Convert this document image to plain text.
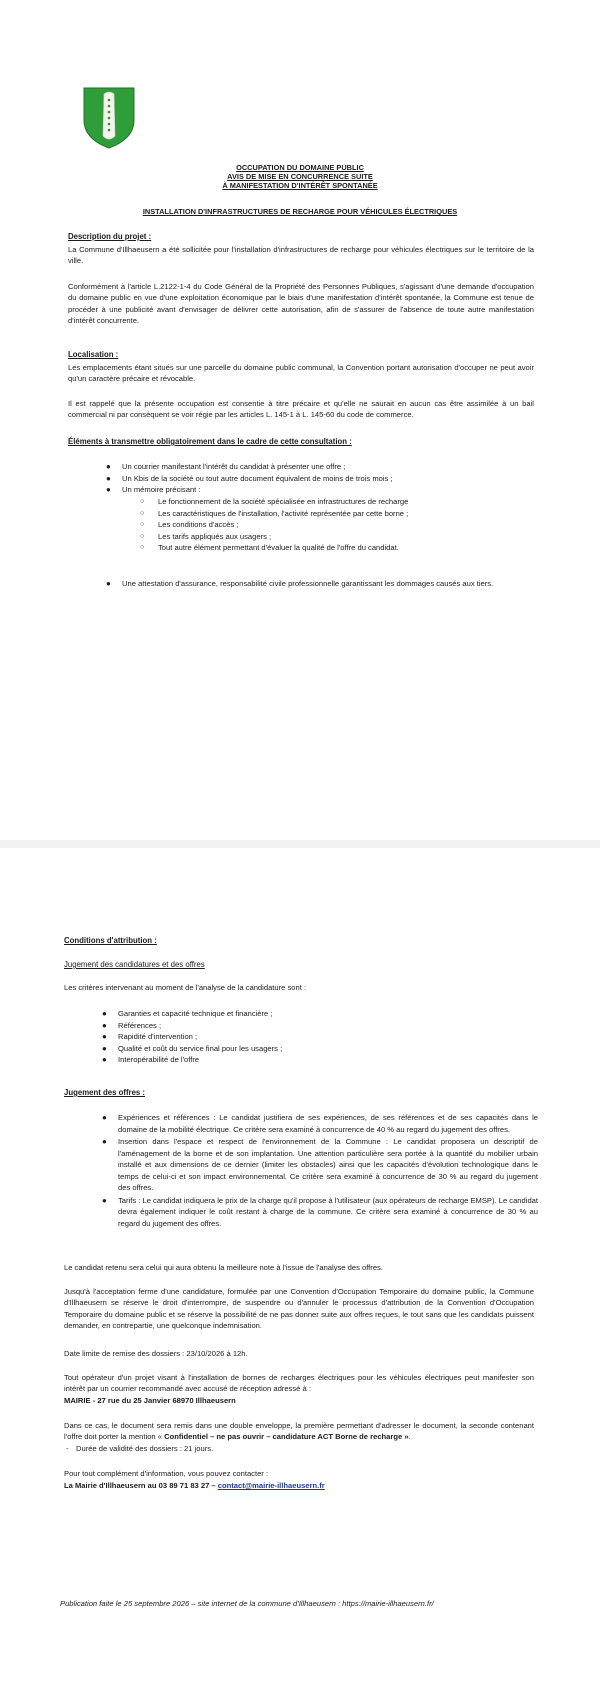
OCCUPATION DU DOMAINE PUBLIC
AVIS DE MISE EN CONCURRENCE SUITE
À MANIFESTATION D'INTÉRÊT SPONTANÉE
INSTALLATION D'INFRASTRUCTURES DE RECHARGE POUR VÉHICULES ÉLECTRIQUES
Description du projet :
La Commune d'Illhaeusern a été sollicitée pour l'installation d'infrastructures de recharge pour véhicules électriques sur le territoire de la ville.
Conformément à l'article L.2122-1-4 du Code Général de la Propriété des Personnes Publiques, s'agissant d'une demande d'occupation du domaine public en vue d'une exploitation économique par le biais d'une manifestation d'intérêt spontanée, la Commune est tenue de procéder à une publicité avant d'envisager de délivrer cette autorisation, afin de s'assurer de l'absence de toute autre manifestation d'intérêt concurrente.
Localisation :
Les emplacements étant situés sur une parcelle du domaine public communal, la Convention portant autorisation d'occuper ne peut avoir qu'un caractère précaire et révocable.
Il est rappelé que la présente occupation est consentie à titre précaire et qu'elle ne saurait en aucun cas être assimilée à un bail commercial ni par conséquent se voir régie par les articles L. 145-1 à L. 145-60 du code de commerce.
Éléments à transmettre obligatoirement dans le cadre de cette consultation :
● Un courrier manifestant l'intérêt du candidat à présenter une offre ;
● Un Kbis de la société ou tout autre document équivalent de moins de trois mois ;
● Un mémoire précisant :
○ Le fonctionnement de la société spécialisée en infrastructures de recharge
○ Les caractéristiques de l'installation, l'activité représentée par cette borne ;
○ Les conditions d'accès ;
○ Les tarifs appliqués aux usagers ;
○ Tout autre élément permettant d'évaluer la qualité de l'offre du candidat.
● Une attestation d'assurance, responsabilité civile professionnelle garantissant les dommages causés aux tiers.
Conditions d'attribution :
Jugement des candidatures et des offres
Les critères intervenant au moment de l'analyse de la candidature sont :
● Garanties et capacité technique et financière ;
● Références ;
● Rapidité d'intervention ;
● Qualité et coût du service final pour les usagers ;
● Interopérabilité de l'offre
Jugement des offres :
● Expériences et références : Le candidat justifiera de ses expériences, de ses références et de ses capacités dans le domaine de la mobilité électrique. Ce critère sera examiné à concurrence de 40 % au regard du jugement des offres.
● Insertion dans l'espace et respect de l'environnement de la Commune : Le candidat proposera un descriptif de l'aménagement de la borne et de son implantation. Une attention particulière sera portée à la quantité du mobilier urbain installé et aux dimensions de ce dernier (limiter les obstacles) ainsi que les capacités d'évolution technologique dans le temps de celui-ci et son impact environnemental. Ce critère sera examiné à concurrence de 30 % au regard du jugement des offres.
● Tarifs : Le candidat indiquera le prix de la charge qu'il propose à l'utilisateur (aux opérateurs de recharge EMSP). Le candidat devra également indiquer le coût restant à charge de la commune. Ce critère sera examiné à concurrence de 30 % au regard du jugement des offres.
Le candidat retenu sera celui qui aura obtenu la meilleure note à l'issue de l'analyse des offres.
Jusqu'à l'acceptation ferme d'une candidature, formulée par une Convention d'Occupation Temporaire du domaine public, la Commune d'Illhaeusern se réserve le droit d'interrompre, de suspendre ou d'annuler le processus d'attribution de la Convention d'Occupation Temporaire du domaine public et se réserve la possibilité de ne pas donner suite aux offres reçues, le tout sans que les candidats puissent demander, en contrepartie, une quelconque indemnisation.
Date limite de remise des dossiers : 23/10/2026 à 12h.
Tout opérateur d'un projet visant à l'installation de bornes de recharges électriques pour les véhicules électriques peut manifester son intérêt par un courrier recommandé avec accusé de réception adressé à :
MAIRIE - 27 rue du 25 Janvier 68970 Illhaeusern
Dans ce cas, le document sera remis dans une double enveloppe, la première permettant d'adresser le document, la seconde contenant l'offre doit porter la mention « Confidentiel – ne pas ouvrir – candidature ACT Borne de recharge ».
- Durée de validité des dossiers : 21 jours.
Pour tout complément d'information, vous pouvez contacter :
La Mairie d'Illhaeusern au 03 89 71 83 27 – contact@mairie-illhaeusern.fr
Publication faite le 25 septembre 2026 – site internet de la commune d'Illhaeusern : https://mairie-illhaeusern.fr/
